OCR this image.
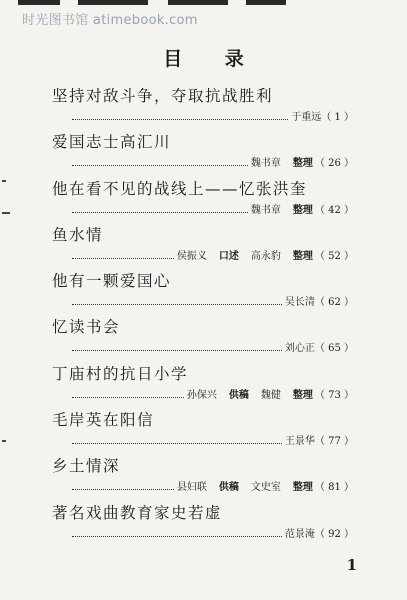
时光图书馆 atimebook.com
目 录
坚持对敌斗争，夺取抗战胜利
于重远 （ 1 ）
爱国志士高汇川
魏书章 整理 （ 26 ）
他在看不见的战线上——忆张洪奎
魏书章 整理 （ 42 ）
鱼水情
侯振义 口述 高永豹 整理 （ 52 ）
他有一颗爱国心
吴长清 （ 62 ）
忆读书会
刘心正 （ 65 ）
丁庙村的抗日小学
孙保兴 供稿 魏健 整理 （ 73 ）
毛岸英在阳信
王景华 （ 77 ）
乡土情深
县妇联 供稿 文史室 整理 （ 81 ）
著名戏曲教育家史若虚
范景淹 （ 92 ）
1
